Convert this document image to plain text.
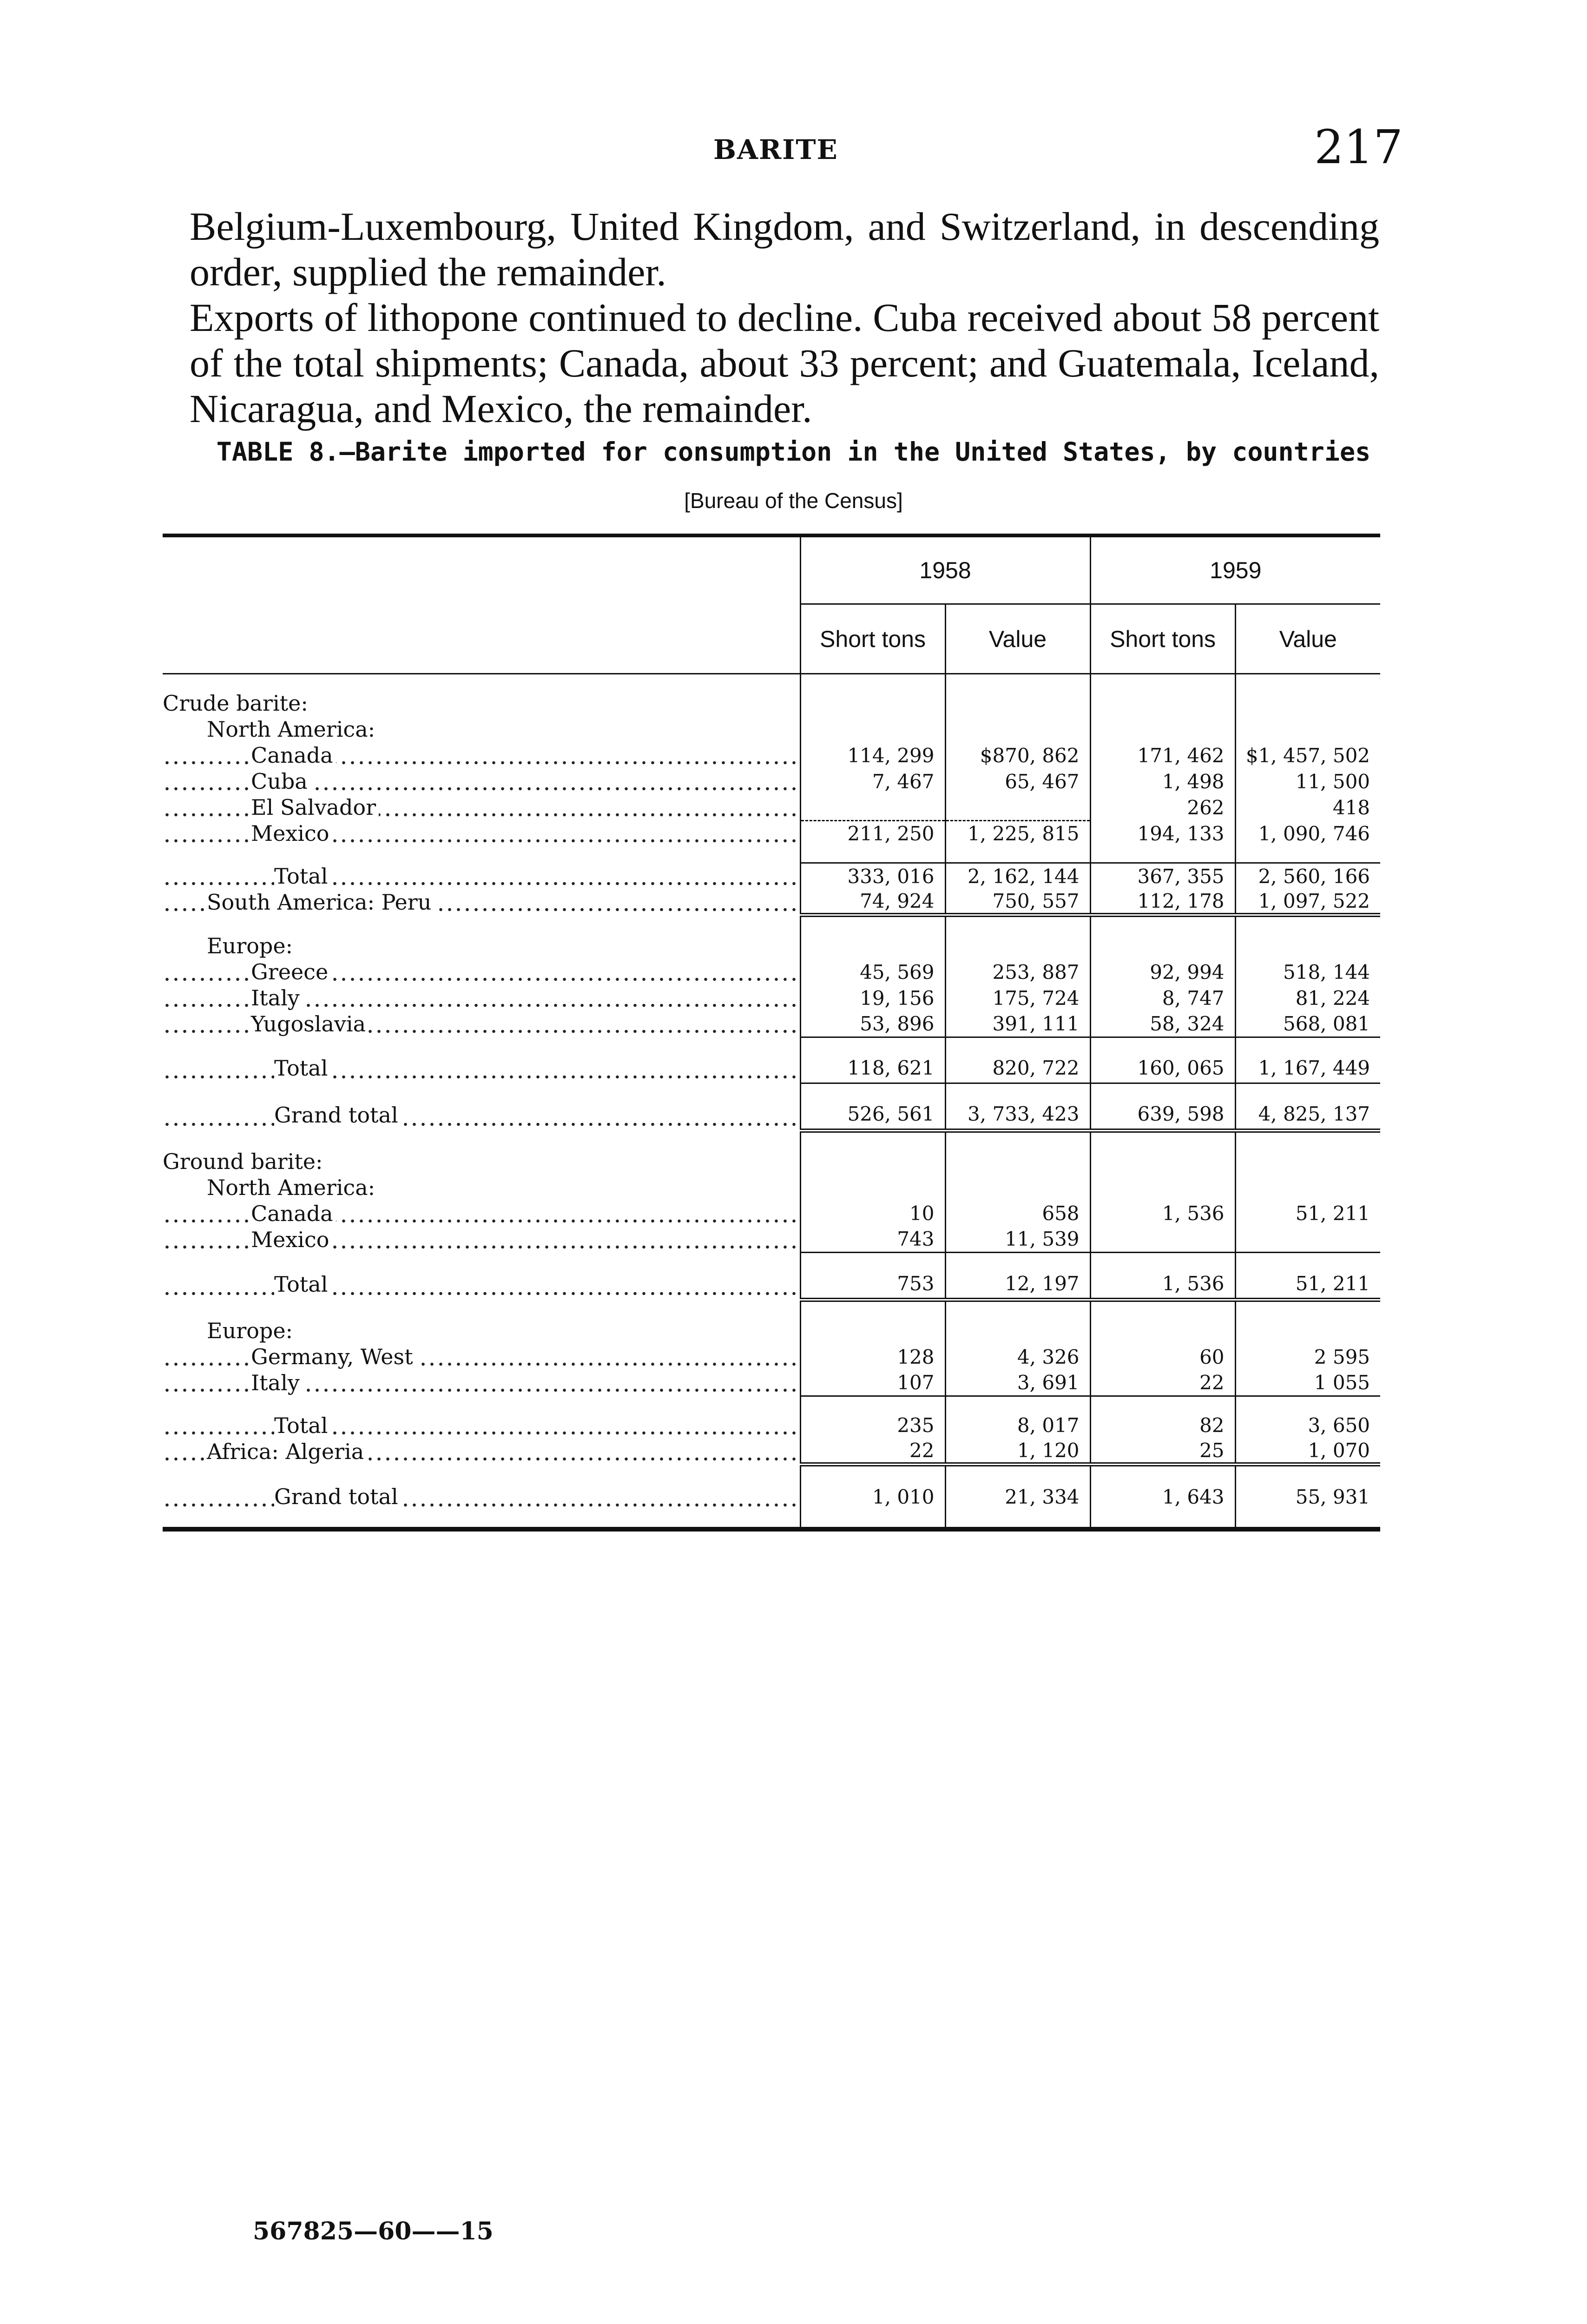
BARITE	217

Belgium-Luxembourg, United Kingdom, and Switzerland, in descending order, supplied the remainder.

Exports of lithopone continued to decline. Cuba received about 58 percent of the total shipments; Canada, about 33 percent; and Guatemala, Iceland, Nicaragua, and Mexico, the remainder.

TABLE 8.—Barite imported for consumption in the United States, by countries
[Bureau of the Census]
	1958		1959	
	Short tons	Value	Short tons	Value

Crude barite:				
North America:				
Canada	114, 299	$870, 862	171, 462	$1, 457, 502
Cuba	7, 467	65, 467	1, 498	11, 500
El Salvador			262	418
Mexico	211, 250	1, 225, 815	194, 133	1, 090, 746

Total	333, 016	2, 162, 144	367, 355	2, 560, 166
South America: Peru	74, 924	750, 557	112, 178	1, 097, 522

Europe:				
Greece	45, 569	253, 887	92, 994	518, 144
Italy	19, 156	175, 724	8, 747	81, 224
Yugoslavia	53, 896	391, 111	58, 324	568, 081

Total	118, 621	820, 722	160, 065	1, 167, 449

Grand total	526, 561	3, 733, 423	639, 598	4, 825, 137

Ground barite:				
North America:				
Canada	10	658	1, 536	51, 211
Mexico	743	11, 539		

Total	753	12, 197	1, 536	51, 211

Europe:				
Germany, West	128	4, 326	60	2 595
Italy	107	3, 691	22	1 055

Total	235	8, 017	82	3, 650
Africa: Algeria	22	1, 120	25	1, 070

Grand total	1, 010	21, 334	1, 643	55, 931

567825—60——15
